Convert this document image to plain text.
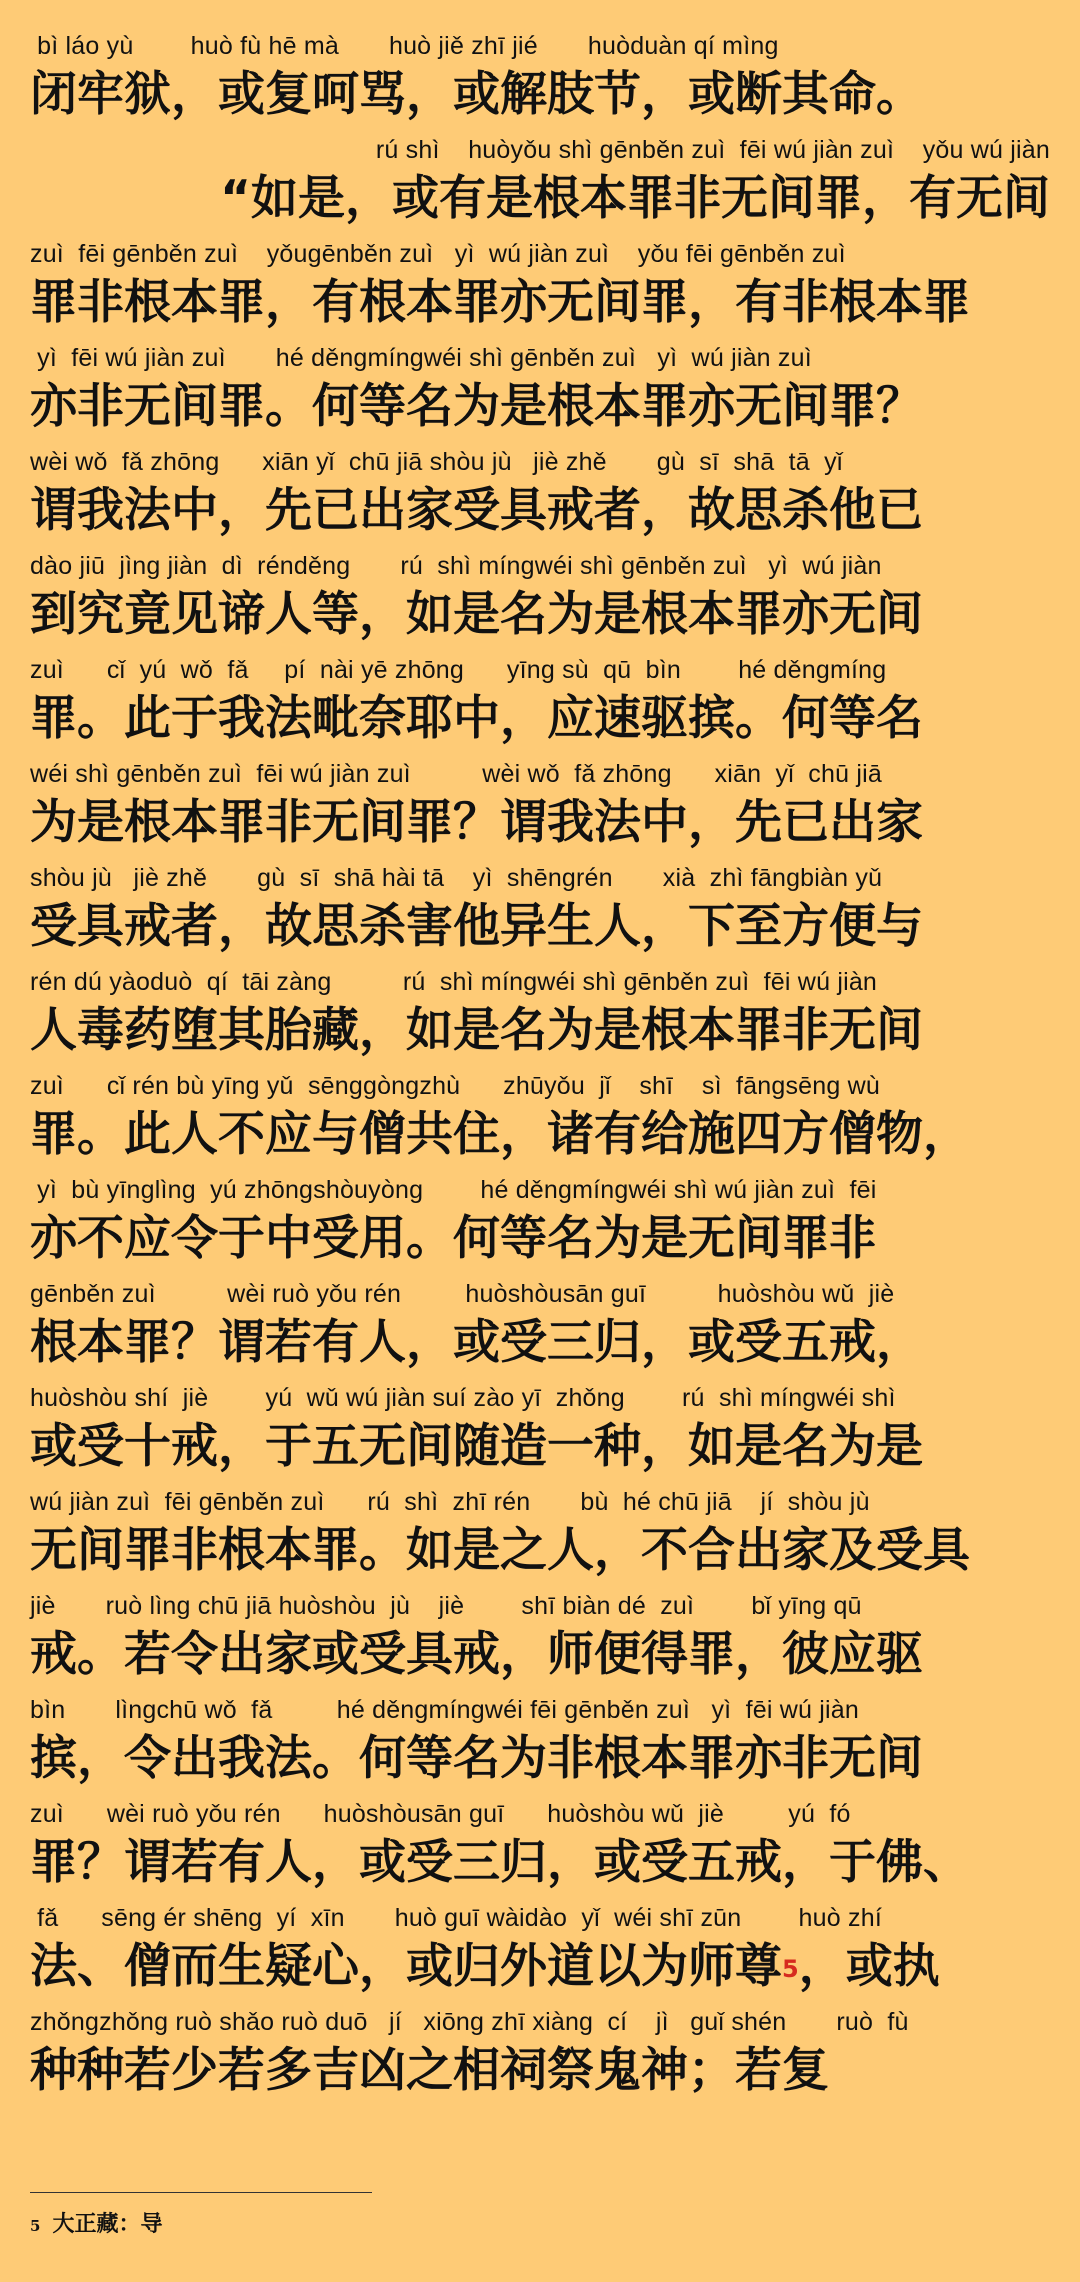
bì láo yù        huò fù hē mà       huò jiě zhī jié       huòduàn qí mìng
闭牢狱，或复呵骂，或解肢节，或断其命。
rú shì    huòyǒu shì gēnběn zuì  fēi wú jiàn zuì    yǒu wú jiàn
“如是，或有是根本罪非无间罪，有无间
zuì  fēi gēnběn zuì    yǒugēnběn zuì   yì  wú jiàn zuì    yǒu fēi gēnběn zuì
罪非根本罪，有根本罪亦无间罪，有非根本罪
yì  fēi wú jiàn zuì       hé děngmíngwéi shì gēnběn zuì   yì  wú jiàn zuì
亦非无间罪。何等名为是根本罪亦无间罪？
wèi wǒ  fǎ zhōng      xiān yǐ  chū jiā shòu jù   jiè zhě       gù  sī  shā  tā  yǐ
谓我法中，先已出家受具戒者，故思杀他已
dào jiū  jìng jiàn  dì  rénděng       rú  shì míngwéi shì gēnběn zuì   yì  wú jiàn
到究竟见谛人等，如是名为是根本罪亦无间
zuì      cǐ  yú  wǒ  fǎ     pí  nài yē zhōng      yīng sù  qū  bìn        hé děngmíng
罪。此于我法毗奈耶中，应速驱摈。何等名
wéi shì gēnběn zuì  fēi wú jiàn zuì          wèi wǒ  fǎ zhōng      xiān  yǐ  chū jiā
为是根本罪非无间罪？谓我法中，先已出家
shòu jù   jiè zhě       gù  sī  shā hài tā    yì  shēngrén       xià  zhì fāngbiàn yǔ
受具戒者，故思杀害他异生人，下至方便与
rén dú yàoduò  qí  tāi zàng          rú  shì míngwéi shì gēnběn zuì  fēi wú jiàn
人毒药堕其胎藏，如是名为是根本罪非无间
zuì      cǐ rén bù yīng yǔ  sēnggòngzhù      zhūyǒu  jǐ    shī    sì  fāngsēng wù
罪。此人不应与僧共住，诸有给施四方僧物，
yì  bù yīnglìng  yú zhōngshòuyòng        hé děngmíngwéi shì wú jiàn zuì  fēi
亦不应令于中受用。何等名为是无间罪非
gēnběn zuì          wèi ruò yǒu rén         huòshòusān guī          huòshòu wǔ  jiè
根本罪？谓若有人，或受三归，或受五戒，
huòshòu shí  jiè        yú  wǔ wú jiàn suí zào yī  zhǒng        rú  shì míngwéi shì
或受十戒，于五无间随造一种，如是名为是
wú jiàn zuì  fēi gēnběn zuì      rú  shì  zhī rén       bù  hé chū jiā    jí  shòu jù
无间罪非根本罪。如是之人，不合出家及受具
jiè       ruò lìng chū jiā huòshòu  jù    jiè        shī biàn dé  zuì        bǐ yīng qū
戒。若令出家或受具戒，师便得罪，彼应驱
bìn       lìngchū wǒ  fǎ         hé děngmíngwéi fēi gēnběn zuì   yì  fēi wú jiàn
摈，令出我法。何等名为非根本罪亦非无间
zuì      wèi ruò yǒu rén      huòshòusān guī      huòshòu wǔ  jiè         yú  fó
罪？谓若有人，或受三归，或受五戒，于佛、
fǎ      sēng ér shēng  yí  xīn       huò guī wàidào  yǐ  wéi shī zūn        huò zhí
法、僧而生疑心，或归外道以为师尊$^5$，或执
zhǒngzhǒng ruò shǎo ruò duō   jí   xiōng zhī xiàng  cí    jì   guǐ shén       ruò  fù
种种若少若多吉凶之相祠祭鬼神；若复
$^5$ 大正藏：导
